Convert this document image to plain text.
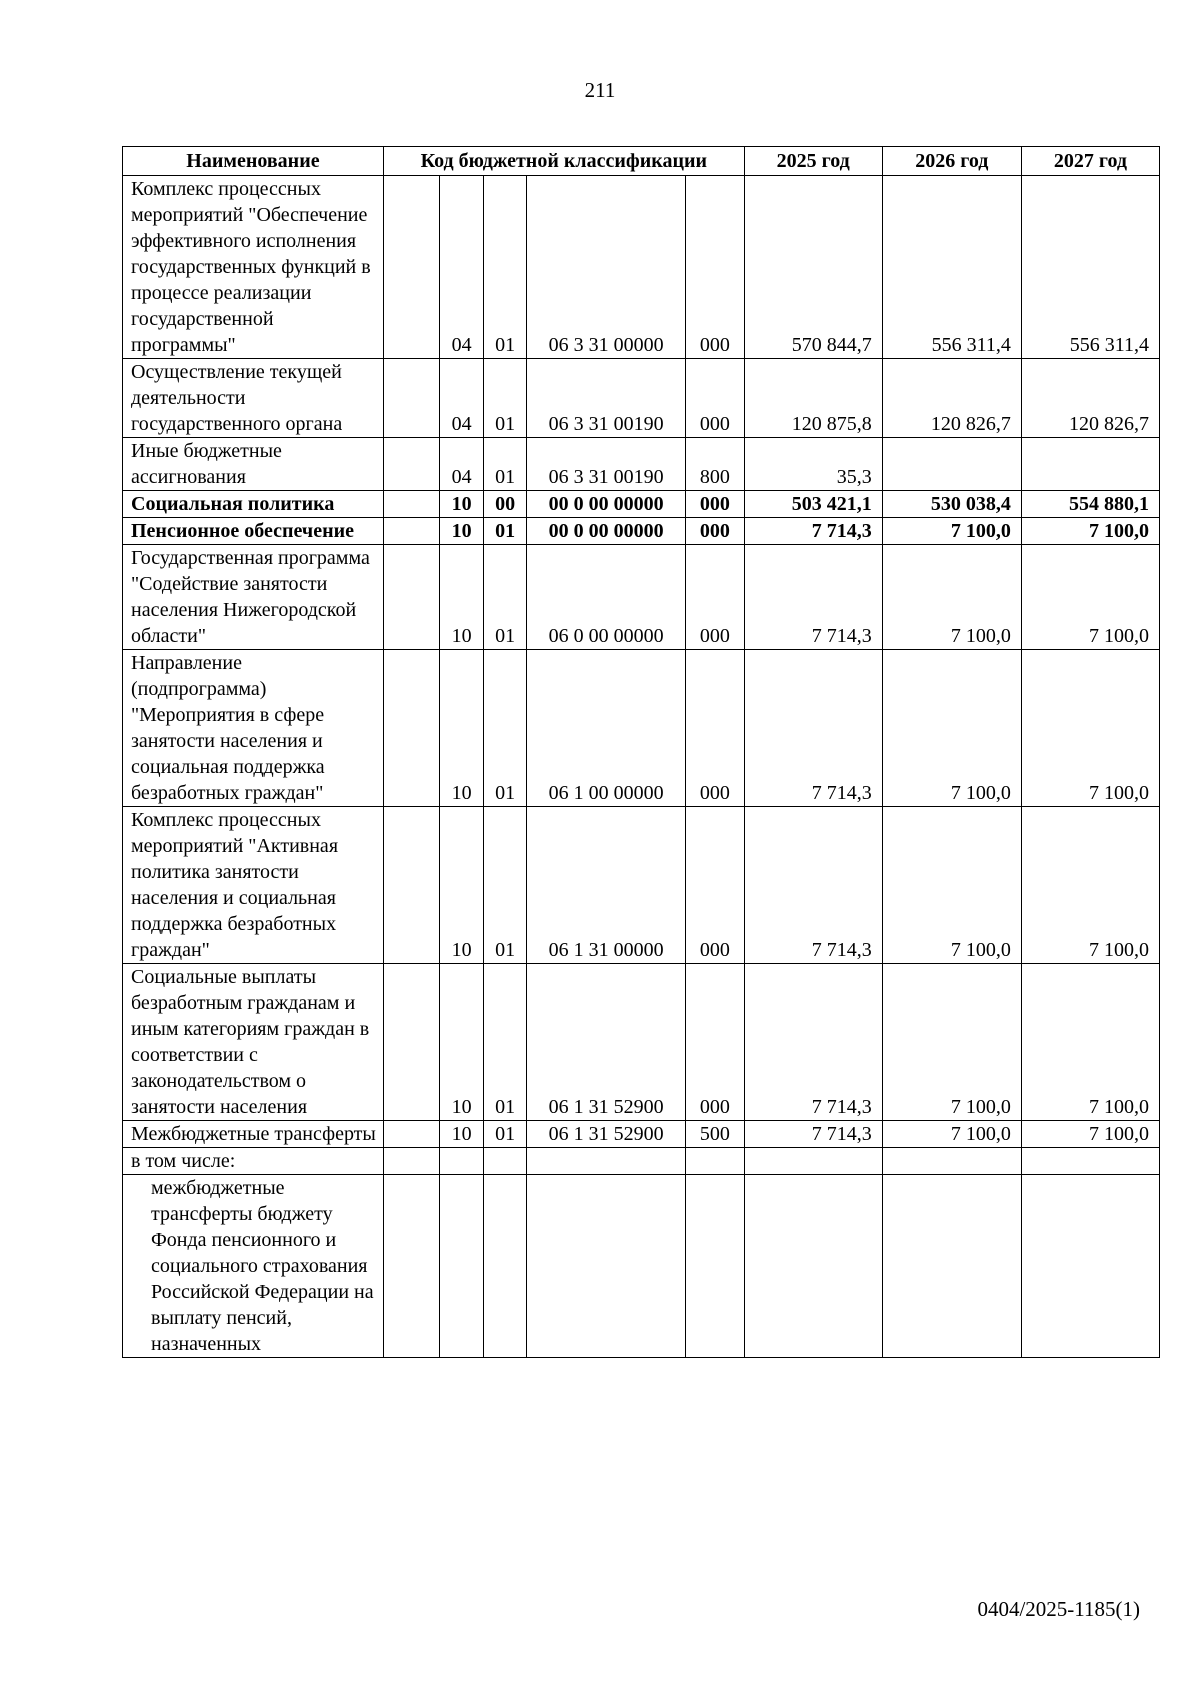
211
Наименование	Код бюджетной классификации					2025 год	2026 год	2027 год
Комплекс процессных мероприятий "Обеспечение эффективного исполнения государственных функций в процессе реализации государственной программы"		04	01	06 3 31 00000	000	570 844,7	556 311,4	556 311,4
Осуществление текущей деятельности государственного органа		04	01	06 3 31 00190	000	120 875,8	120 826,7	120 826,7
Иные бюджетные ассигнования		04	01	06 3 31 00190	800	35,3		
Социальная политика		10	00	00 0 00 00000	000	503 421,1	530 038,4	554 880,1
Пенсионное обеспечение		10	01	00 0 00 00000	000	7 714,3	7 100,0	7 100,0
Государственная программа "Содействие занятости населения Нижегородской области"		10	01	06 0 00 00000	000	7 714,3	7 100,0	7 100,0
Направление (подпрограмма) "Мероприятия в сфере занятости населения и социальная поддержка безработных граждан"		10	01	06 1 00 00000	000	7 714,3	7 100,0	7 100,0
Комплекс процессных мероприятий "Активная политика занятости населения и социальная поддержка безработных граждан"		10	01	06 1 31 00000	000	7 714,3	7 100,0	7 100,0
Социальные выплаты безработным гражданам и иным категориям граждан в соответствии с законодательством о занятости населения		10	01	06 1 31 52900	000	7 714,3	7 100,0	7 100,0
Межбюджетные трансферты		10	01	06 1 31 52900	500	7 714,3	7 100,0	7 100,0
в том числе:								
межбюджетные трансферты бюджету Фонда пенсионного и социального страхования Российской Федерации на выплату пенсий, назначенных								
0404/2025-1185(1)
